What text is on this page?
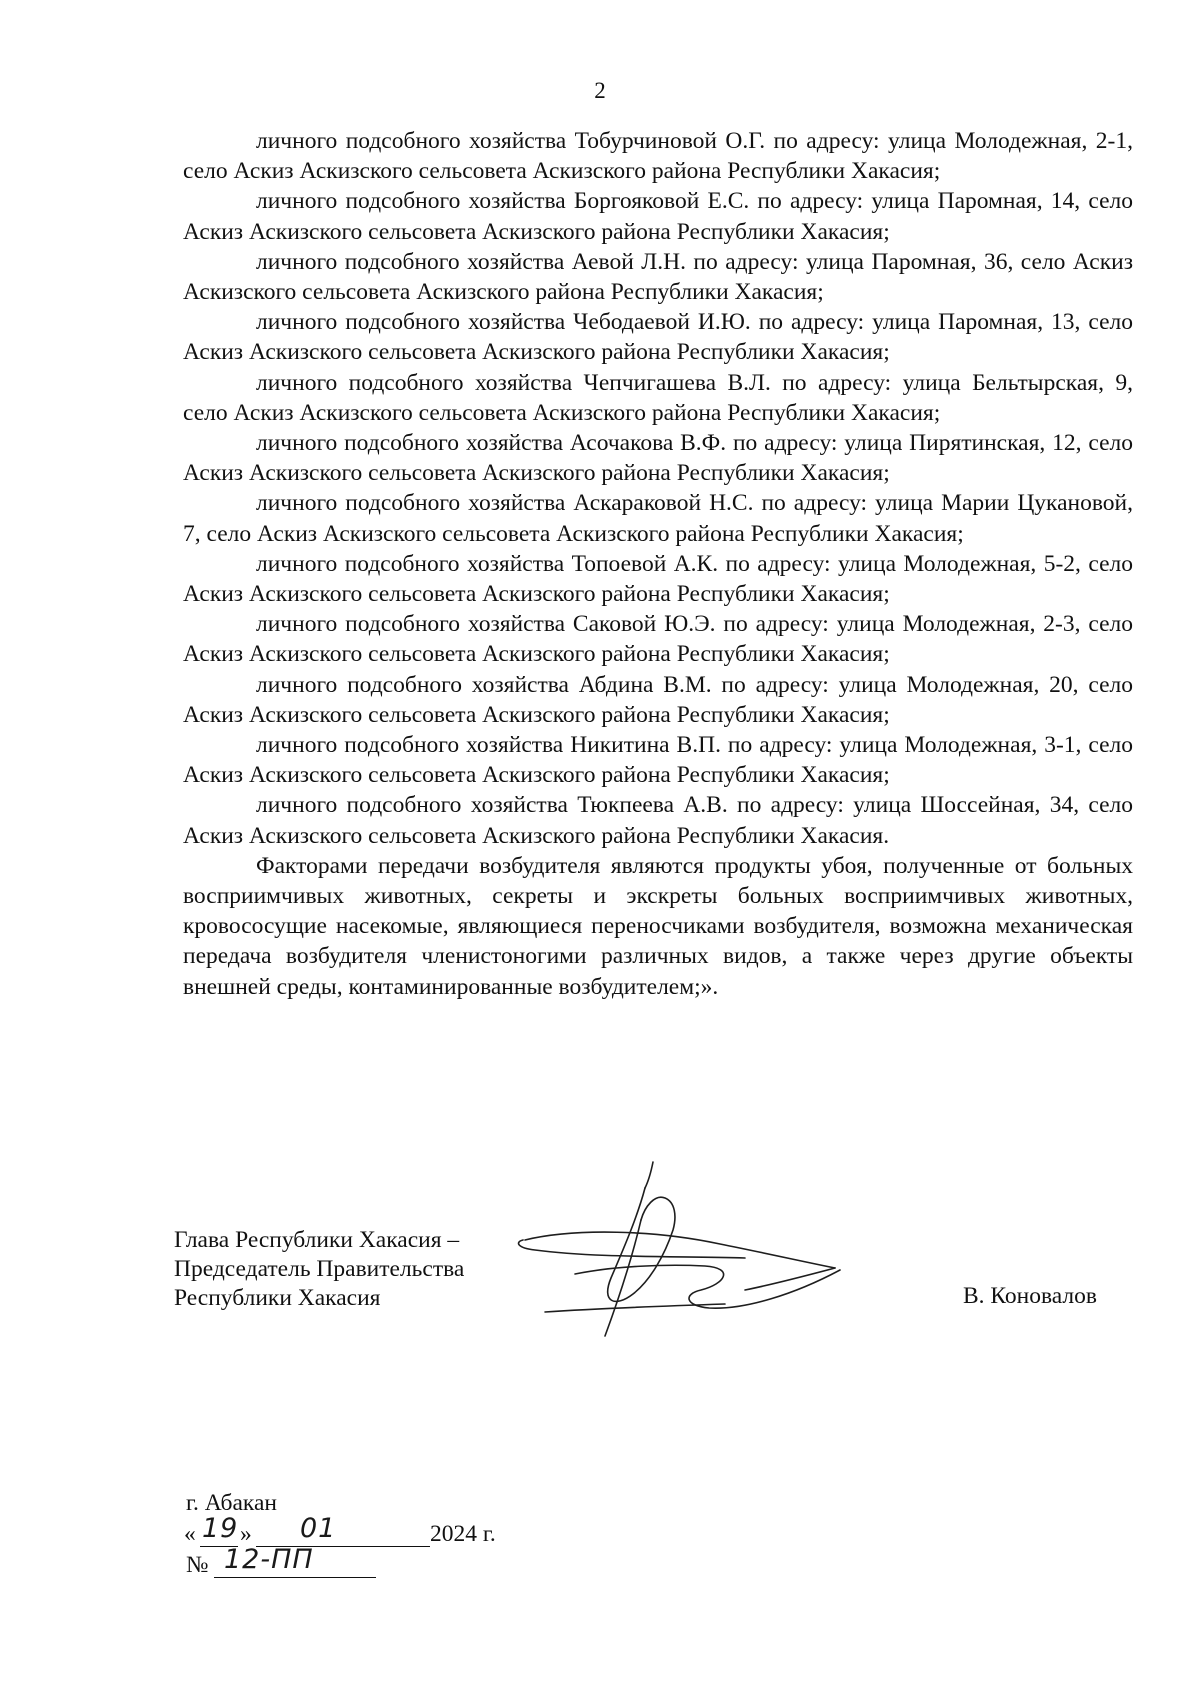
2

личного подсобного хозяйства Тобурчиновой О.Г. по адресу: улица Молодежная, 2-1, село Аскиз Аскизского сельсовета Аскизского района Республики Хакасия;

личного подсобного хозяйства Боргояковой Е.С. по адресу: улица Паромная, 14, село Аскиз Аскизского сельсовета Аскизского района Республики Хакасия;

личного подсобного хозяйства Аевой Л.Н. по адресу: улица Паромная, 36, село Аскиз Аскизского сельсовета Аскизского района Республики Хакасия;

личного подсобного хозяйства Чебодаевой И.Ю. по адресу: улица Паромная, 13, село Аскиз Аскизского сельсовета Аскизского района Республики Хакасия;

личного подсобного хозяйства Чепчигашева В.Л. по адресу: улица Бельтырская, 9, село Аскиз Аскизского сельсовета Аскизского района Республики Хакасия;

личного подсобного хозяйства Асочакова В.Ф. по адресу: улица Пирятинская, 12, село Аскиз Аскизского сельсовета Аскизского района Республики Хакасия;

личного подсобного хозяйства Аскараковой Н.С. по адресу: улица Марии Цукановой, 7, село Аскиз Аскизского сельсовета Аскизского района Республики Хакасия;

личного подсобного хозяйства Топоевой А.К. по адресу: улица Молодежная, 5-2, село Аскиз Аскизского сельсовета Аскизского района Республики Хакасия;

личного подсобного хозяйства Саковой Ю.Э. по адресу: улица Молодежная, 2-3, село Аскиз Аскизского сельсовета Аскизского района Республики Хакасия;

личного подсобного хозяйства Абдина В.М. по адресу: улица Молодежная, 20, село Аскиз Аскизского сельсовета Аскизского района Республики Хакасия;

личного подсобного хозяйства Никитина В.П. по адресу: улица Молодежная, 3-1, село Аскиз Аскизского сельсовета Аскизского района Республики Хакасия;

личного подсобного хозяйства Тюкпеева А.В. по адресу: улица Шоссейная, 34, село Аскиз Аскизского сельсовета Аскизского района Республики Хакасия.

Факторами передачи возбудителя являются продукты убоя, полученные от больных восприимчивых животных, секреты и экскреты больных восприимчивых животных, кровососущие насекомые, являющиеся переносчиками возбудителя, возможна механическая передача возбудителя членистоногими различных видов, а также через другие объекты внешней среды, контаминированные возбудителем;».

Глава Республики Хакасия –
Председатель Правительства
Республики Хакасия	В. Коновалов
г. Абакан
« 19 » 01	2024 г.
№ 12-ПП
